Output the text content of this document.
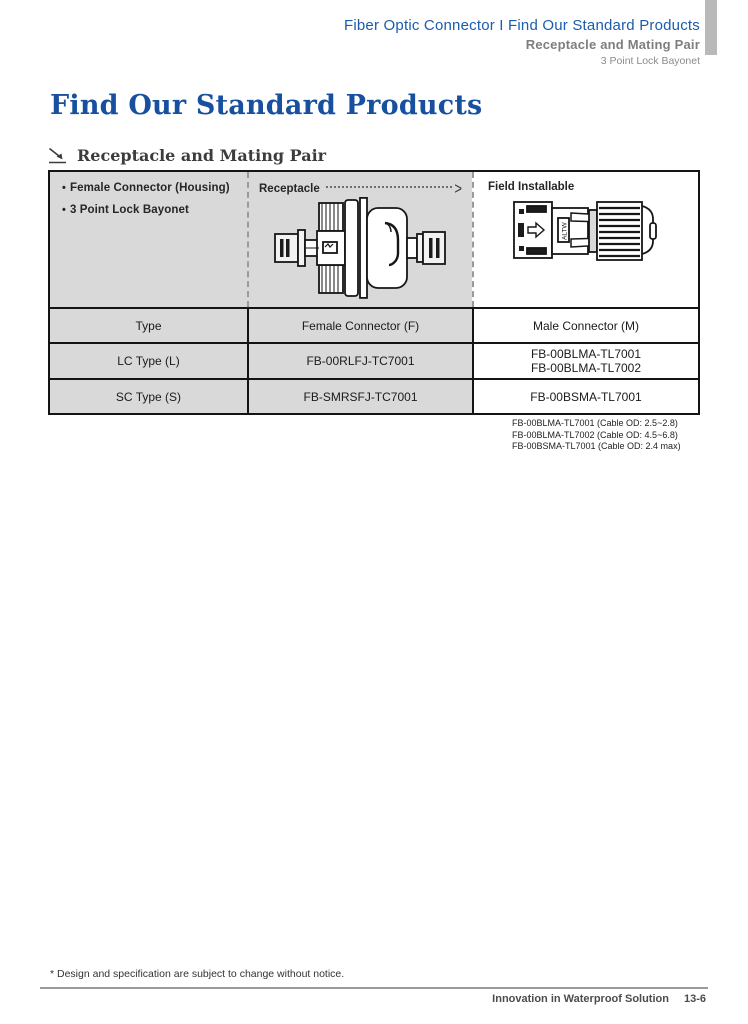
Fiber Optic Connector I Find Our Standard Products
Receptacle and Mating Pair
3 Point Lock Bayonet
Find Our Standard Products
Receptacle and Mating Pair
• Female Connector (Housing)
• 3 Point Lock Bayonet
Receptacle	>	Field Installable
ALTW
Type	Female Connector (F)	Male Connector (M)
LC Type (L)	FB-00RLFJ-TC7001	FB-00BLMA-TL7001
FB-00BLMA-TL7002
SC Type (S)	FB-SMRSFJ-TC7001	FB-00BSMA-TL7001
FB-00BLMA-TL7001 (Cable OD: 2.5~2.8)
FB-00BLMA-TL7002 (Cable OD: 4.5~6.8)
FB-00BSMA-TL7001 (Cable OD: 2.4 max)
* Design and specification are subject to change without notice.
Innovation in Waterproof Solution 13-6
